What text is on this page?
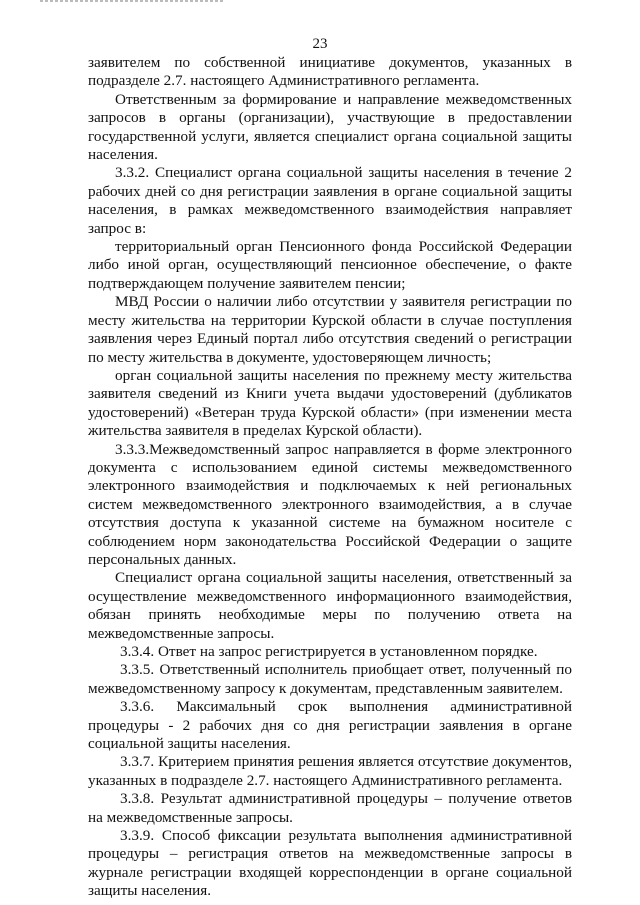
23

заявителем по собственной инициативе документов, указанных в подразделе 2.7. настоящего Административного регламента.

Ответственным за формирование и направление межведомственных запросов в органы (организации), участвующие в предоставлении государственной услуги, является специалист органа социальной защиты населения.

3.3.2. Специалист органа социальной защиты населения в течение 2 рабочих дней со дня регистрации заявления в органе социальной защиты населения, в рамках межведомственного взаимодействия направляет запрос в:

территориальный орган Пенсионного фонда Российской Федерации либо иной орган, осуществляющий пенсионное обеспечение, о факте подтверждающем получение заявителем пенсии;

МВД России о наличии либо отсутствии у заявителя регистрации по месту жительства на территории Курской области в случае поступления заявления через Единый портал либо отсутствия сведений о регистрации по месту жительства в документе, удостоверяющем личность;

орган социальной защиты населения по прежнему месту жительства заявителя сведений из Книги учета выдачи удостоверений (дубликатов удостоверений) «Ветеран труда Курской области» (при изменении места жительства заявителя в пределах Курской области).

3.3.3.Межведомственный запрос направляется в форме электронного документа с использованием единой системы межведомственного электронного взаимодействия и подключаемых к ней региональных систем межведомственного электронного взаимодействия, а в случае отсутствия доступа к указанной системе на бумажном носителе с соблюдением норм законодательства Российской Федерации о защите персональных данных.

Специалист органа социальной защиты населения, ответственный за осуществление межведомственного информационного взаимодействия, обязан принять необходимые меры по получению ответа на межведомственные запросы.

3.3.4. Ответ на запрос регистрируется в установленном порядке.

3.3.5. Ответственный исполнитель приобщает ответ, полученный по межведомственному запросу к документам, представленным заявителем.

3.3.6. Максимальный срок выполнения административной процедуры - 2 рабочих дня со дня регистрации заявления в органе социальной защиты населения.

3.3.7. Критерием принятия решения является отсутствие документов, указанных в подразделе 2.7. настоящего Административного регламента.

3.3.8. Результат административной процедуры – получение ответов на межведомственные запросы.

3.3.9. Способ фиксации результата выполнения административной процедуры – регистрация ответов на межведомственные запросы в журнале регистрации входящей корреспонденции в органе социальной защиты населения.
